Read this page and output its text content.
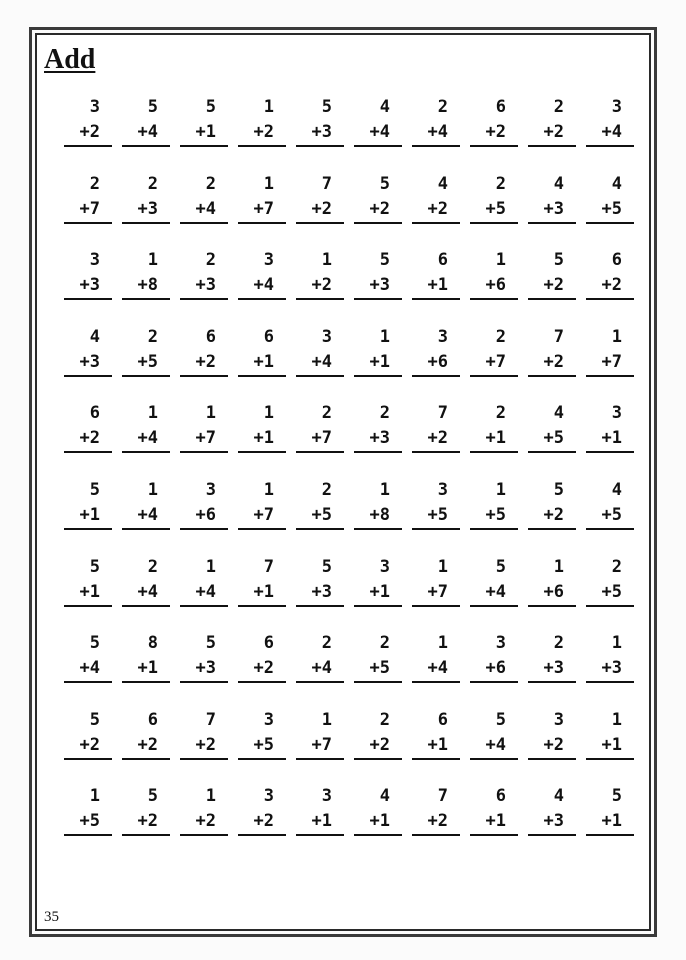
Add
3
+2
5
+4
5
+1
1
+2
5
+3
4
+4
2
+4
6
+2
2
+2
3
+4
2
+7
2
+3
2
+4
1
+7
7
+2
5
+2
4
+2
2
+5
4
+3
4
+5
3
+3
1
+8
2
+3
3
+4
1
+2
5
+3
6
+1
1
+6
5
+2
6
+2
4
+3
2
+5
6
+2
6
+1
3
+4
1
+1
3
+6
2
+7
7
+2
1
+7
6
+2
1
+4
1
+7
1
+1
2
+7
2
+3
7
+2
2
+1
4
+5
3
+1
5
+1
1
+4
3
+6
1
+7
2
+5
1
+8
3
+5
1
+5
5
+2
4
+5
5
+1
2
+4
1
+4
7
+1
5
+3
3
+1
1
+7
5
+4
1
+6
2
+5
5
+4
8
+1
5
+3
6
+2
2
+4
2
+5
1
+4
3
+6
2
+3
1
+3
5
+2
6
+2
7
+2
3
+5
1
+7
2
+2
6
+1
5
+4
3
+2
1
+1
1
+5
5
+2
1
+2
3
+2
3
+1
4
+1
7
+2
6
+1
4
+3
5
+1
35
